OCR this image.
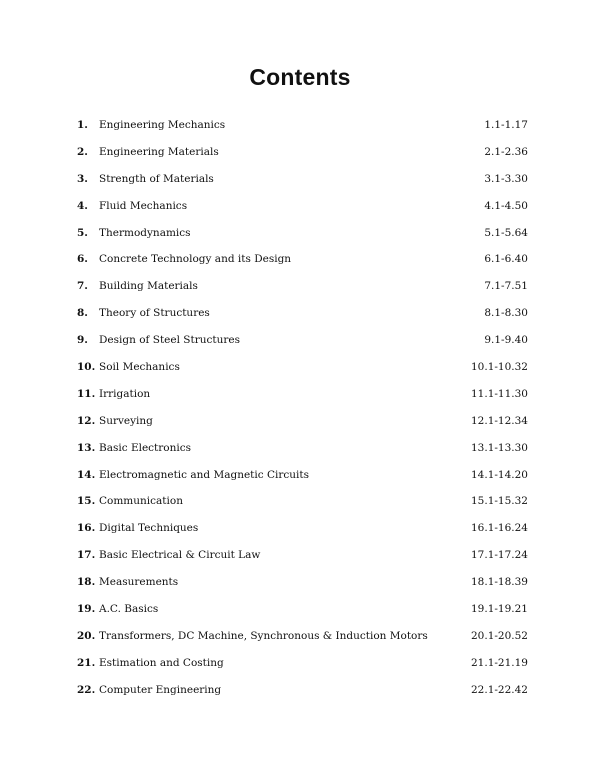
Contents
1. Engineering Mechanics	1.1-1.17
2. Engineering Materials	2.1-2.36
3. Strength of Materials	3.1-3.30
4. Fluid Mechanics	4.1-4.50
5. Thermodynamics	5.1-5.64
6. Concrete Technology and its Design	6.1-6.40
7. Building Materials	7.1-7.51
8. Theory of Structures	8.1-8.30
9. Design of Steel Structures	9.1-9.40
10. Soil Mechanics	10.1-10.32
11. Irrigation	11.1-11.30
12. Surveying	12.1-12.34
13. Basic Electronics	13.1-13.30
14. Electromagnetic and Magnetic Circuits	14.1-14.20
15. Communication	15.1-15.32
16. Digital Techniques	16.1-16.24
17. Basic Electrical & Circuit Law	17.1-17.24
18. Measurements	18.1-18.39
19. A.C. Basics	19.1-19.21
20. Transformers, DC Machine, Synchronous & Induction Motors	20.1-20.52
21. Estimation and Costing	21.1-21.19
22. Computer Engineering	22.1-22.42
